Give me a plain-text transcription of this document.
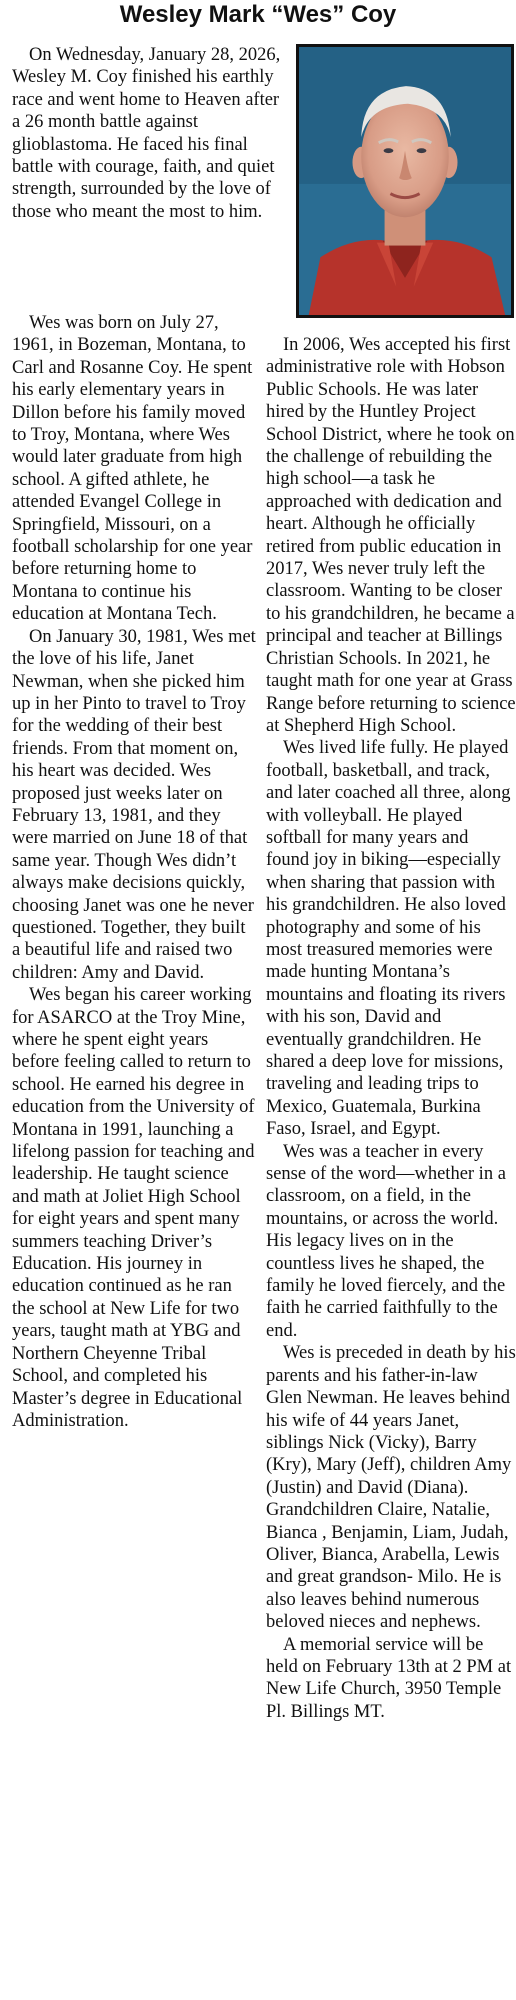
Wesley Mark “Wes” Coy

On Wednesday, January 28, 2026, Wesley M. Coy finished his earthly race and went home to Heaven after a 26 month battle against glioblastoma. He faced his final battle with courage, faith, and quiet strength, surrounded by the love of those who meant the most to him.

Wes was born on July 27, 1961, in Bozeman, Montana, to Carl and Rosanne Coy. He spent his early elementary years in Dillon before his family moved to Troy, Montana, where Wes would later graduate from high school. A gifted athlete, he attended Evangel College in Springfield, Missouri, on a football scholarship for one year before returning home to Montana to continue his education at Montana Tech.

On January 30, 1981, Wes met the love of his life, Janet Newman, when she picked him up in her Pinto to travel to Troy for the wedding of their best friends. From that moment on, his heart was decided. Wes proposed just weeks later on February 13, 1981, and they were married on June 18 of that same year. Though Wes didn’t always make decisions quickly, choosing Janet was one he never questioned. Together, they built a beautiful life and raised two children: Amy and David.

Wes began his career working for ASARCO at the Troy Mine, where he spent eight years before feeling called to return to school. He earned his degree in education from the University of Montana in 1991, launching a lifelong passion for teaching and leadership. He taught science and math at Joliet High School for eight years and spent many summers teaching Driver’s Education. His journey in education continued as he ran the school at New Life for two years, taught math at YBG and Northern Cheyenne Tribal School, and completed his Master’s degree in Educational Administration.

In 2006, Wes accepted his first administrative role with Hobson Public Schools. He was later hired by the Huntley Project School District, where he took on the challenge of rebuilding the high school—a task he approached with dedication and heart. Although he officially retired from public education in 2017, Wes never truly left the classroom. Wanting to be closer to his grandchildren, he became a principal and teacher at Billings Christian Schools. In 2021, he taught math for one year at Grass Range before returning to science at Shepherd High School.

Wes lived life fully. He played football, basketball, and track, and later coached all three, along with volleyball. He played softball for many years and found joy in biking—especially when sharing that passion with his grandchildren. He also loved photography and some of his most treasured memories were made hunting Montana’s mountains and floating its rivers with his son, David and eventually grandchildren. He shared a deep love for missions, traveling and leading trips to Mexico, Guatemala, Burkina Faso, Israel, and Egypt.

Wes was a teacher in every sense of the word—whether in a classroom, on a field, in the mountains, or across the world. His legacy lives on in the countless lives he shaped, the family he loved fiercely, and the faith he carried faithfully to the end.

Wes is preceded in death by his parents and his father-in-law Glen Newman. He leaves behind his wife of 44 years Janet, siblings Nick (Vicky), Barry (Kry), Mary (Jeff), children Amy (Justin) and David (Diana). Grandchildren Claire, Natalie, Bianca , Benjamin, Liam, Judah, Oliver, Bianca, Arabella, Lewis and great grandson- Milo. He is also leaves behind numerous beloved nieces and nephews.

A memorial service will be held on February 13th at 2 PM at New Life Church, 3950 Temple Pl. Billings MT.
